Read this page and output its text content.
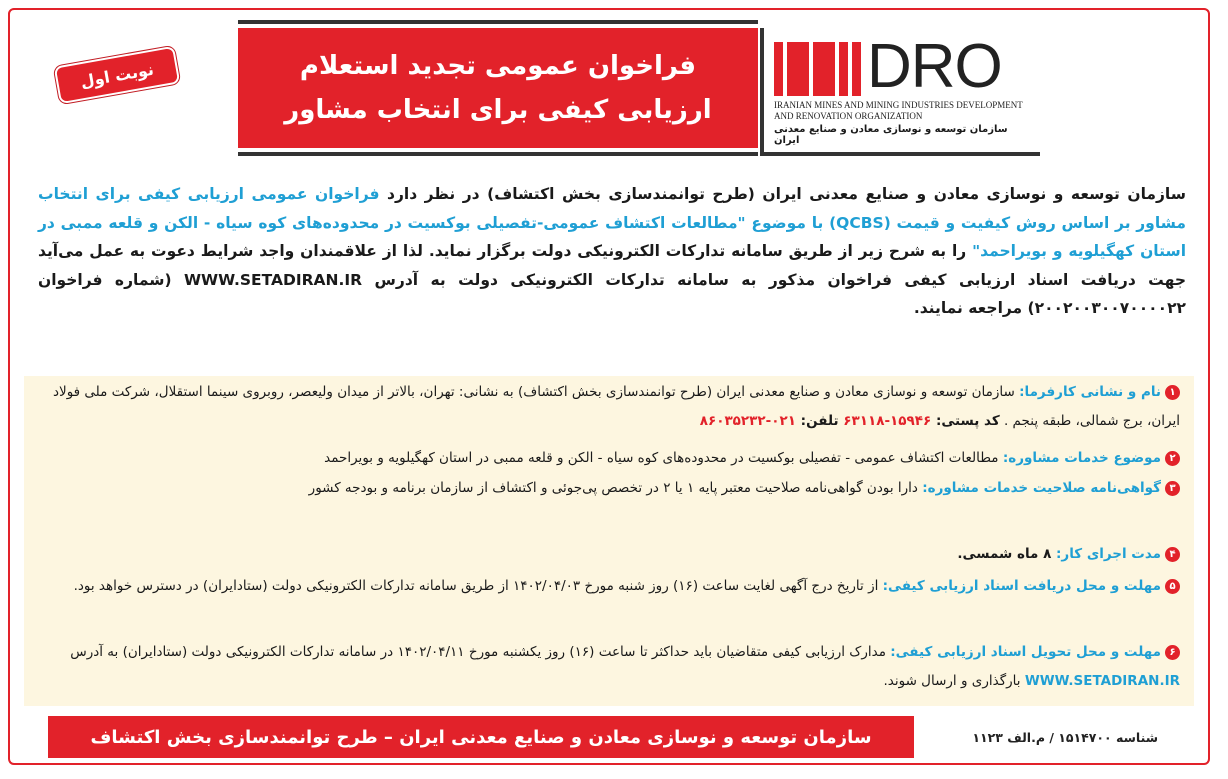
نوبت اول	فراخوان عمومی تجدید استعلام
ارزیابی کیفی برای انتخاب مشاور
DRO
IRANIAN MINES AND MINING INDUSTRIES DEVELOPMENT
AND RENOVATION ORGANIZATION
سازمان توسعه و نوسازی معادن و صنایع معدنی ایران
سازمان توسعه و نوسازی معادن و صنایع معدنی ایران (طرح توانمندسازی بخش اکتشاف) در نظر دارد فراخوان عمومی ارزیابی کیفی برای انتخاب مشاور بر اساس روش کیفیت و قیمت (QCBS) با موضوع "مطالعات اکتشاف عمومی-تفصیلی بوکسیت در محدوده‌های کوه سیاه - الکن و قلعه ممبی در استان کهگیلویه و بویراحمد" را به شرح زیر از طریق سامانه تدارکات الکترونیکی دولت برگزار نماید. لذا از علاقمندان واجد شرایط دعوت به عمل می‌آید جهت دریافت اسناد ارزیابی کیفی فراخوان مذکور به سامانه تدارکات الکترونیکی دولت به آدرس WWW.SETADIRAN.IR (شماره فراخوان ۲۰۰۲۰۰۳۰۰۷۰۰۰۰۲۲) مراجعه نمایند.
۱نام و نشانی کارفرما: سازمان توسعه و نوسازی معادن و صنایع معدنی ایران (طرح توانمندسازی بخش اکتشاف) به نشانی: تهران، بالاتر از میدان ولیعصر، روبروی سینما استقلال، شرکت ملی فولاد ایران، برج شمالی، طبقه پنجم . کد پستی: ۱۵۹۴۶-۶۳۱۱۸ تلفن: ۰۲۱-۸۶۰۳۵۲۳۲
۲موضوع خدمات مشاوره: مطالعات اکتشاف عمومی - تفصیلی بوکسیت در محدوده‌های کوه سیاه - الکن و قلعه ممبی در استان کهگیلویه و بویراحمد
۳گواهی‌نامه صلاحیت خدمات مشاوره: دارا بودن گواهی‌نامه صلاحیت معتبر پایه ۱ یا ۲ در تخصص پی‌جوئی و اکتشاف از سازمان برنامه و بودجه کشور
۴مدت اجرای کار: ۸ ماه شمسی.
۵مهلت و محل دریافت اسناد ارزیابی کیفی: از تاریخ درج آگهی لغایت ساعت (۱۶) روز شنبه مورخ ۱۴۰۲/۰۴/۰۳ از طریق سامانه تدارکات الکترونیکی دولت (ستادایران) در دسترس خواهد بود.
۶مهلت و محل تحویل اسناد ارزیابی کیفی: مدارک ارزیابی کیفی متقاضیان باید حداکثر تا ساعت (۱۶) روز یکشنبه مورخ ۱۴۰۲/۰۴/۱۱ در سامانه تدارکات الکترونیکی دولت (ستادایران) به آدرس WWW.SETADIRAN.IR بارگذاری و ارسال شوند.
سازمان توسعه و نوسازی معادن و صنایع معدنی ایران – طرح توانمندسازی بخش اکتشاف	شناسه ۱۵۱۴۷۰۰ / م.الف ۱۱۲۳
